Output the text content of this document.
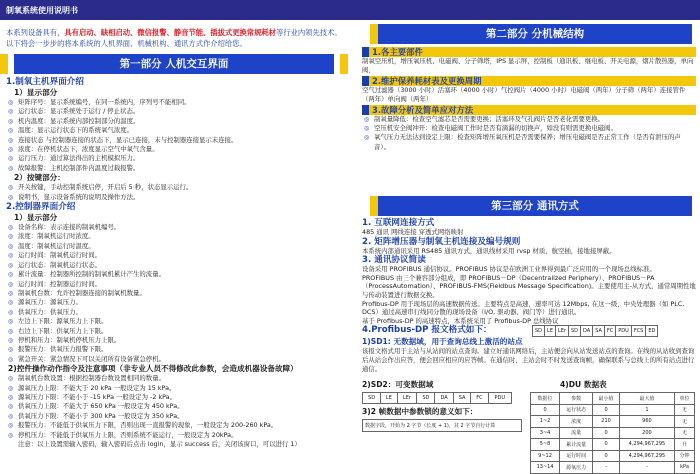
制氧系统使用说明书
本系列设备具有，具有启动、缺相启动、微信报警、静音节能、插拔式更换常规耗材等行业内领先技术。以下将会一步步的将本系统的人机界面、机械机构、通讯方式作介绍给您。
第一部分 人机交互界面
1.制氧主机界面介绍
1）显示部分
◎ 矩阵序号：显示系统编号，在同一系统内，序列号不能相同。
◎ 运行状态：显示系统处于运行 / 停止状态。
◎ 机内温度：显示系统内部控制部分的温度。
◎ 温度：显示运行状态下的系统氧气浓度。
◎ 连接状态 与控制器连接的状态下，显示已连接，未与控制器连接显示未连接。
◎ 浓度：在停机状态下，浓度显示空气中氧气含量。
◎ 运行压力：通过算法得出的主机模拟压力。
◎ 故障报警：主机控制部件内温度过载报警。
2）按键部分：
◎ 开关按键，手动控制系统启停，开启后 5 秒，状态显示运行。
◎ 说明书，显示设备系统的说明及操作方法。
2.控制器界面介绍
1）显示部分
◎ 设备名称：表示连接的制氧机编号。
◎ 浓度：制氧机运行时浓度。
◎ 温度：制氧机运行时温度。
◎ 运行时间：制氧机运行时间。
◎ 运行状态：制氧机运行状态。
◎ 累计流量：控制器所控制的制氧机累计产生的流量。
◎ 运行时间：控制器运行时间。
◎ 制氧机台数：允许控制器连接的制氧机数量。
◎ 源氧压力：源氧压力。
◎ 供氧压力：供氧压力。
◎ 左边上下限：源氧压力上下限。
◎ 右边上下限：供氧压力上下限。
◎ 停机和压力：制氧机停机压力上限。
◎ 报警压力：供氧压力报警下限。
◎ 紧急开关：紧急情况下可以关闭所有设备紧急停机。
2)控件操作动作指令及注意事项（非专业人员不得修改此参数，会造成机器设备故障）
◎ 制氧机台数设置：根据控制器台数设置相同的数量。
◎ 源氧压力上限：不能大于 20 kPa 一般设定为 15 kPa。
◎ 源氧压力下限：不能小于 -15 kPa 一般设定为 -2 kPa。
◎ 供氧压力上限：不能大于 650 kPa 一般设定为 450 kPa。
◎ 供氧压力下限：不能小于 300 kPa 一般设定为 350 kPa。
◎ 报警压力：不能低于供氧压力下限，否则出现一直报警的现象，一般设定为 200-260 kPa。
◎ 停机压力：不能低于供氧压力上限，否则系统不能运行，一般设定为 20kPa。
注意：以上设置需输入密码，输入密码后点击 login，显示 success 后，关闭该窗口，可以进行 1）
第二部分 分机械结构
1.各主要部件
制氧空压机，增压氧压机、电磁阀、分子筛塔，IPS 显示屏，控制板（通讯板、继电板、开关电源，烟片散热器，单向阀，
2.维护保养耗材表及更换周期
空气过滤器（3000 小时）活塞环（4000 小时）气控阀片（4000 小时）电磁阀（两年）分子筛（两年）连接管件（两年）单向阀（两年）
3.故障分析及简单应对方法
◎ 制氧量降低：检查空气滤芯是否需要更换；活塞环及气孔阀片是否老化需要更换。
◎ 空压机安全阀冲开：检查电磁阀工作时是否有滴漏的切换声，如没有则需更换电磁阀。
◎ 氧气压力无法达到设定上限：检查矩阵增压氧压机是否需要保养；增压电磁阀是否正常工作（是否有泄压的声音）。
第三部分 通讯方式
1. 互联网连接方式
485 通讯 网线连接 穿透式网络映射
2. 矩阵增压器与制氧主机连接及编号规则
本系统内部通讯采用 RS485 通讯方式，通讯线材采用 rvsp 材质，航空插，接地接屏蔽。
3. 通讯协议简读
设备采用 PROFIBUS 通信协议。PROFIBUS 协议是在欧洲工业界得到最广泛应用的一个现场总线标准。
PROFIBUS 由三个兼容部分组成，即 PROFIBUS－DP（Decentralized Periphery）、PROFIBUS－PA（ProcessAutomation）、PROFIBUS-FMS(Fieldbus Message Specification)。主要使用主-从方式，通常周期性地与传动装置进行数据交换。
Profibus-DP 用于现场层的高速数据传送。主要特点是高速，速率可达 12Mbps, 在这一级，中央处理器（如 PLC, DCS）通过高速串行线同分散的现场设备（I/O, 驱动器、阀门等）进行通讯。
基于 Profibus-DP 的高速特点，本系统采用了 Profibus-DP 总线协议
4.Profibus-DP 报文格式如下：	SD	LE	LEr	SD	DA	SA	FC	PDU	FCS	ED
1)SD1: 无数据域，用于查询总线上激活的站点
该报文格式用于主站与从站间的站点查询。建立好通讯网络后，主站便会向从站发送站点的查询。在线的从站收到查询后从站会作出应答，便会回应相应的应答帧。在通信时，主站会时不时发送查询帧，确保联系与总线上的所有站点进行通信。
2)SD2：可变数据域
SD	LE	LEr	SD	DA	SA	FC	PDU
3)2 帧数据中参数锁的意义如下：
数据字段，开始为 2 字节（长度 + 1)，其 2 字节自行计算
4)DU 数据表
数据位	参数	最小值	最大值	单位
0	运行状态	0	1	无
1~2	浓度	210	960	无
3~4	流量	0	200	无
5~8	累计流量	0	4,294,967,295	升
9~12	运行时间	0	4,294,967,295	分钟
13~14	源氧压力	-	-	kPa
